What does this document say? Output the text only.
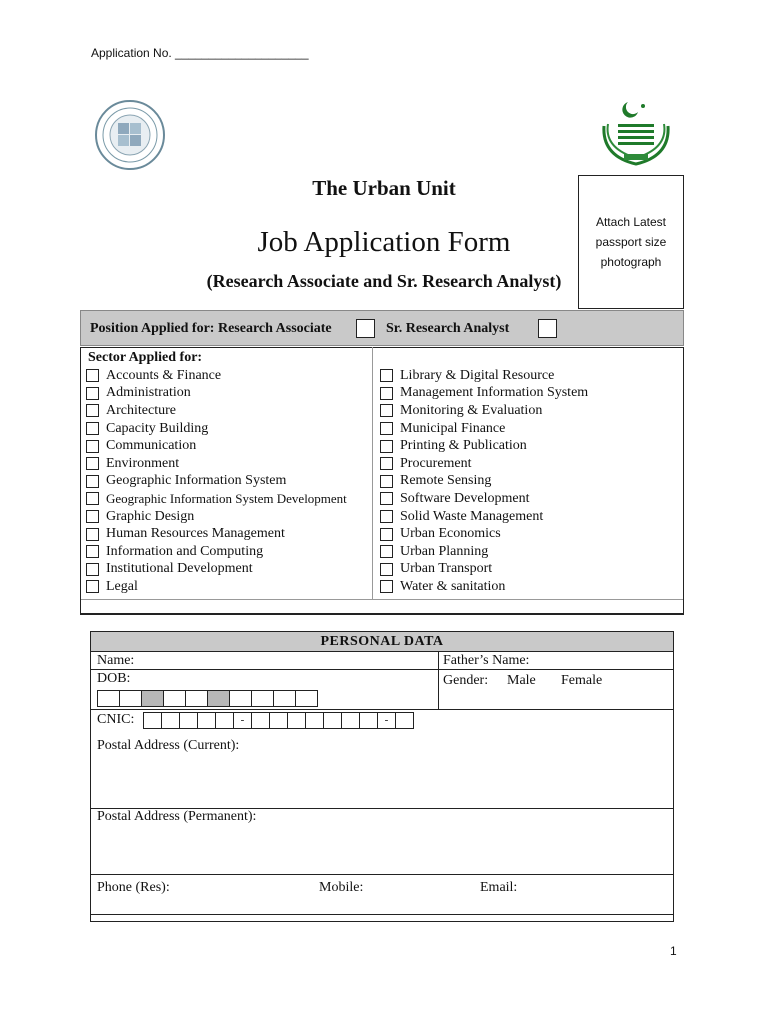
Application No. ____________________
The Urban Unit
Job Application Form
(Research Associate and Sr. Research Analyst)
Attach Latest
passport size
photograph
Position Applied for: Research Associate	Sr. Research Analyst
Sector Applied for:
Accounts & Finance
Administration
Architecture
Capacity Building
Communication
Environment
Geographic Information System
Geographic Information System Development
Graphic Design
Human Resources Management
Information and Computing
Institutional Development
Legal
Library & Digital Resource
Management Information System
Monitoring & Evaluation
Municipal Finance
Printing & Publication
Procurement
Remote Sensing
Software Development
Solid Waste Management
Urban Economics
Urban Planning
Urban Transport
Water & sanitation
PERSONAL DATA
Name:	Father’s Name:
DOB:	Gender: Male Female
CNIC:	-	-
Postal Address (Current):
Postal Address (Permanent):
Phone (Res):	Mobile:	Email:
1
